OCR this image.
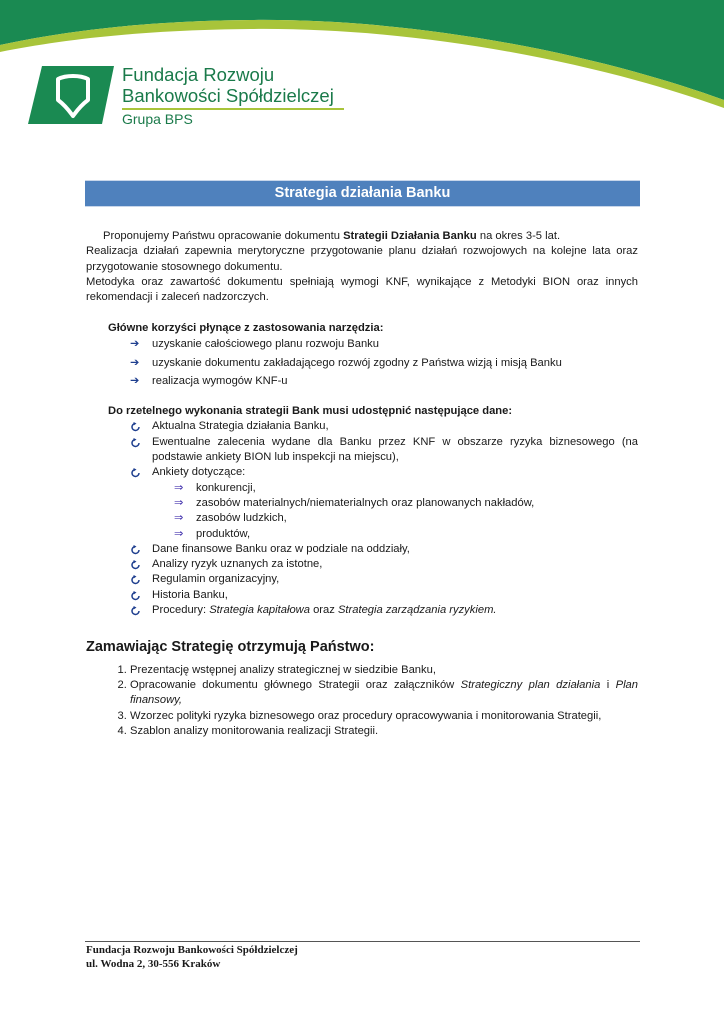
Fundacja Rozwoju
Bankowości Spółdzielczej
Grupa BPS
Strategia działania Banku

Proponujemy Państwu opracowanie dokumentu Strategii Działania Banku na okres 3-5 lat.

Realizacja działań zapewnia merytoryczne przygotowanie planu działań rozwojowych na kolejne lata oraz przygotowanie stosownego dokumentu.

Metodyka oraz zawartość dokumentu spełniają wymogi KNF, wynikające z Metodyki BION oraz innych rekomendacji i zaleceń nadzorczych.

Główne korzyści płynące z zastosowania narzędzia:

➔ uzyskanie całościowego planu rozwoju Banku
➔ uzyskanie dokumentu zakładającego rozwój zgodny z Państwa wizją i misją Banku
➔ realizacja wymogów KNF-u

Do rzetelnego wykonania strategii Bank musi udostępnić następujące dane:

Aktualna Strategia działania Banku,
Ewentualne zalecenia wydane dla Banku przez KNF w obszarze ryzyka biznesowego (na podstawie ankiety BION lub inspekcji na miejscu),
Ankiety dotyczące:
⇒ konkurencji,
⇒ zasobów materialnych/niematerialnych oraz planowanych nakładów,
⇒ zasobów ludzkich,
⇒ produktów,
Dane finansowe Banku oraz w podziale na oddziały,
Analizy ryzyk uznanych za istotne,
Regulamin organizacyjny,
Historia Banku,
Procedury: Strategia kapitałowa oraz Strategia zarządzania ryzykiem.

Zamawiając Strategię otrzymują Państwo:

1. Prezentację wstępnej analizy strategicznej w siedzibie Banku,
2. Opracowanie dokumentu głównego Strategii oraz załączników Strategiczny plan działania i Plan finansowy,
3. Wzorzec polityki ryzyka biznesowego oraz procedury opracowywania i monitorowania Strategii,
4. Szablon analizy monitorowania realizacji Strategii.
Fundacja Rozwoju Bankowości Spółdzielczej
ul. Wodna 2, 30-556 Kraków
